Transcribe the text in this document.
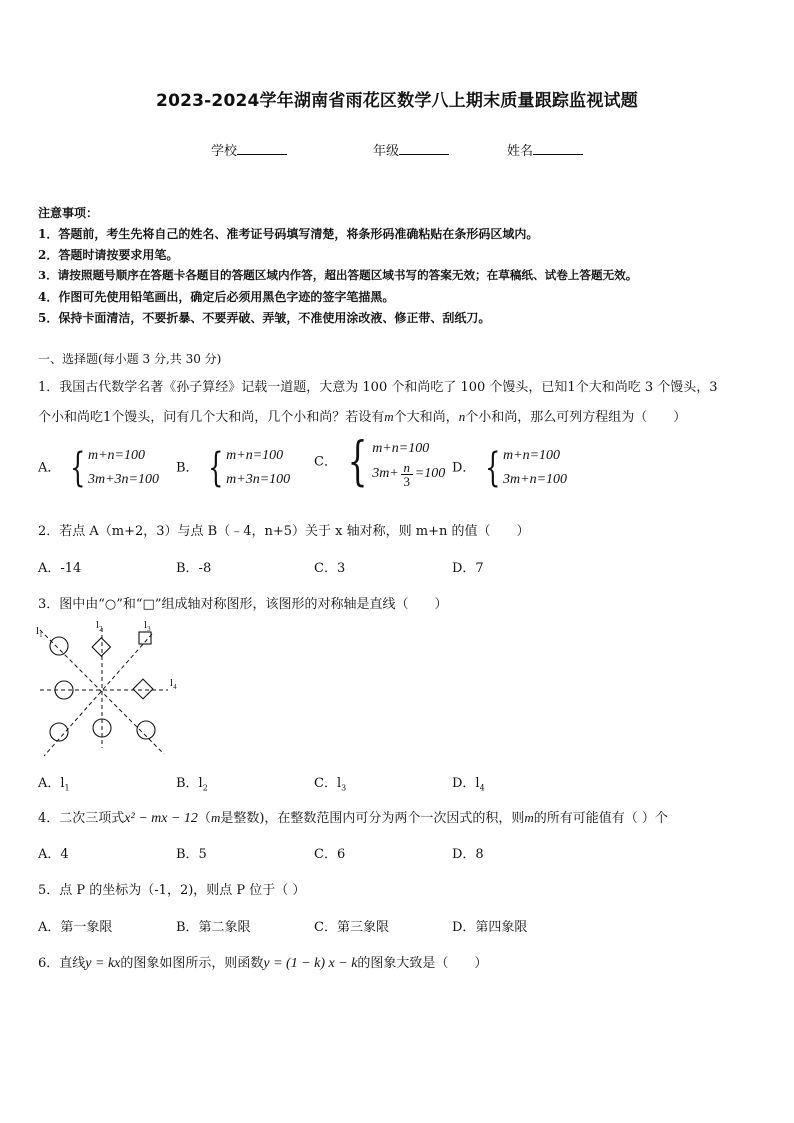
2023-2024学年湖南省雨花区数学八上期末质量跟踪监视试题
学校	年级	姓名
注意事项：
1．答题前，考生先将自己的姓名、准考证号码填写清楚，将条形码准确粘贴在条形码区域内。
2．答题时请按要求用笔。
3．请按照题号顺序在答题卡各题目的答题区域内作答，超出答题区域书写的答案无效；在草稿纸、试卷上答题无效。
4．作图可先使用铅笔画出，确定后必须用黑色字迹的签字笔描黑。
5．保持卡面清洁，不要折暴、不要弄破、弄皱，不准使用涂改液、修正带、刮纸刀。
一、选择题(每小题 3 分,共 30 分)
1．我国古代数学名著《孙子算经》记载一道题，大意为 100 个和尚吃了 100 个馒头，已知1个大和尚吃 3 个馒头，3
个小和尚吃1个馒头，问有几个大和尚，几个小和尚？若设有m个大和尚，n个小和尚，那么可列方程组为（　　）
A． { m+n=100
3m+3n=100
B． { m+n=100
m+3n=100
C． { m+n=100
$3m+ \frac{n}{3} =100$ D． { m+n=100
3m+n=100
2．若点 A（m+2，3）与点 B（﹣4，n+5）关于 x 轴对称，则 m+n 的值（　　）
A．-14	B．-8	C．3	D．7
3．图中由“○”和“□”组成轴对称图形，该图形的对称轴是直线（　　）
$l_1$
$l_2$	$l_3$
$l_4$
A．$l_1$	B．$l_2$	C．$l_3$	D．$l_4$
4．二次三项式x² − mx − 12（m是整数)，在整数范围内可分为两个一次因式的积，则m的所有可能值有（ ）个
A．4	B．5	C．6	D．8
5．点 P 的坐标为（-1，2)，则点 P 位于（ ）
A．第一象限	B．第二象限	C．第三象限	D．第四象限
6．直线y = kx的图象如图所示，则函数y = (1 − k) x − k的图象大致是（　　）
